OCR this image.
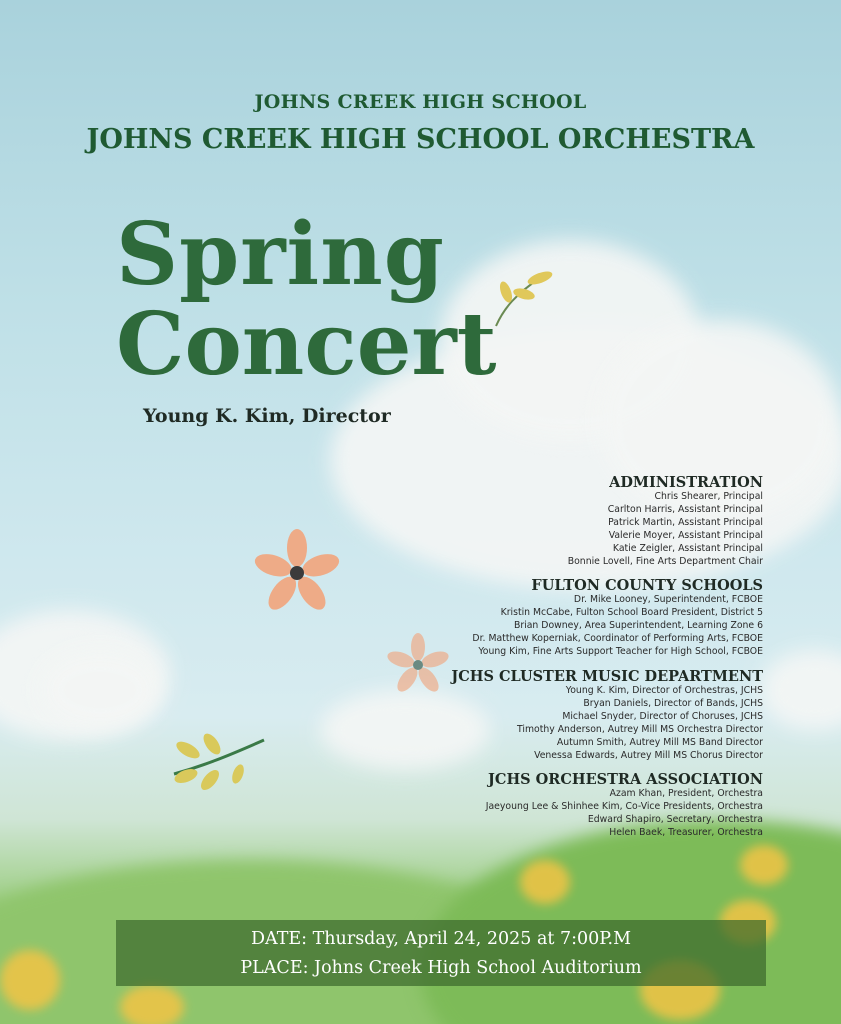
JOHNS CREEK HIGH SCHOOL
JOHNS CREEK HIGH SCHOOL ORCHESTRA
Spring
Concert
Young K. Kim, Director
ADMINISTRATION
Chris Shearer, Principal
Carlton Harris, Assistant Principal
Patrick Martin, Assistant Principal
Valerie Moyer, Assistant Principal
Katie Zeigler, Assistant Principal
Bonnie Lovell, Fine Arts Department Chair
FULTON COUNTY SCHOOLS
Dr. Mike Looney, Superintendent, FCBOE
Kristin McCabe, Fulton School Board President, District 5
Brian Downey, Area Superintendent, Learning Zone 6
Dr. Matthew Koperniak, Coordinator of Performing Arts, FCBOE
Young Kim, Fine Arts Support Teacher for High School, FCBOE
JCHS CLUSTER MUSIC DEPARTMENT
Young K. Kim, Director of Orchestras, JCHS
Bryan Daniels, Director of Bands, JCHS
Michael Snyder, Director of Choruses, JCHS
Timothy Anderson, Autrey Mill MS Orchestra Director
Autumn Smith, Autrey Mill MS Band Director
Venessa Edwards, Autrey Mill MS Chorus Director
JCHS ORCHESTRA ASSOCIATION
Azam Khan, President, Orchestra
Jaeyoung Lee & Shinhee Kim, Co-Vice Presidents, Orchestra
Edward Shapiro, Secretary, Orchestra
Helen Baek, Treasurer, Orchestra
DATE: Thursday, April 24, 2025 at 7:00P.M
PLACE: Johns Creek High School Auditorium
